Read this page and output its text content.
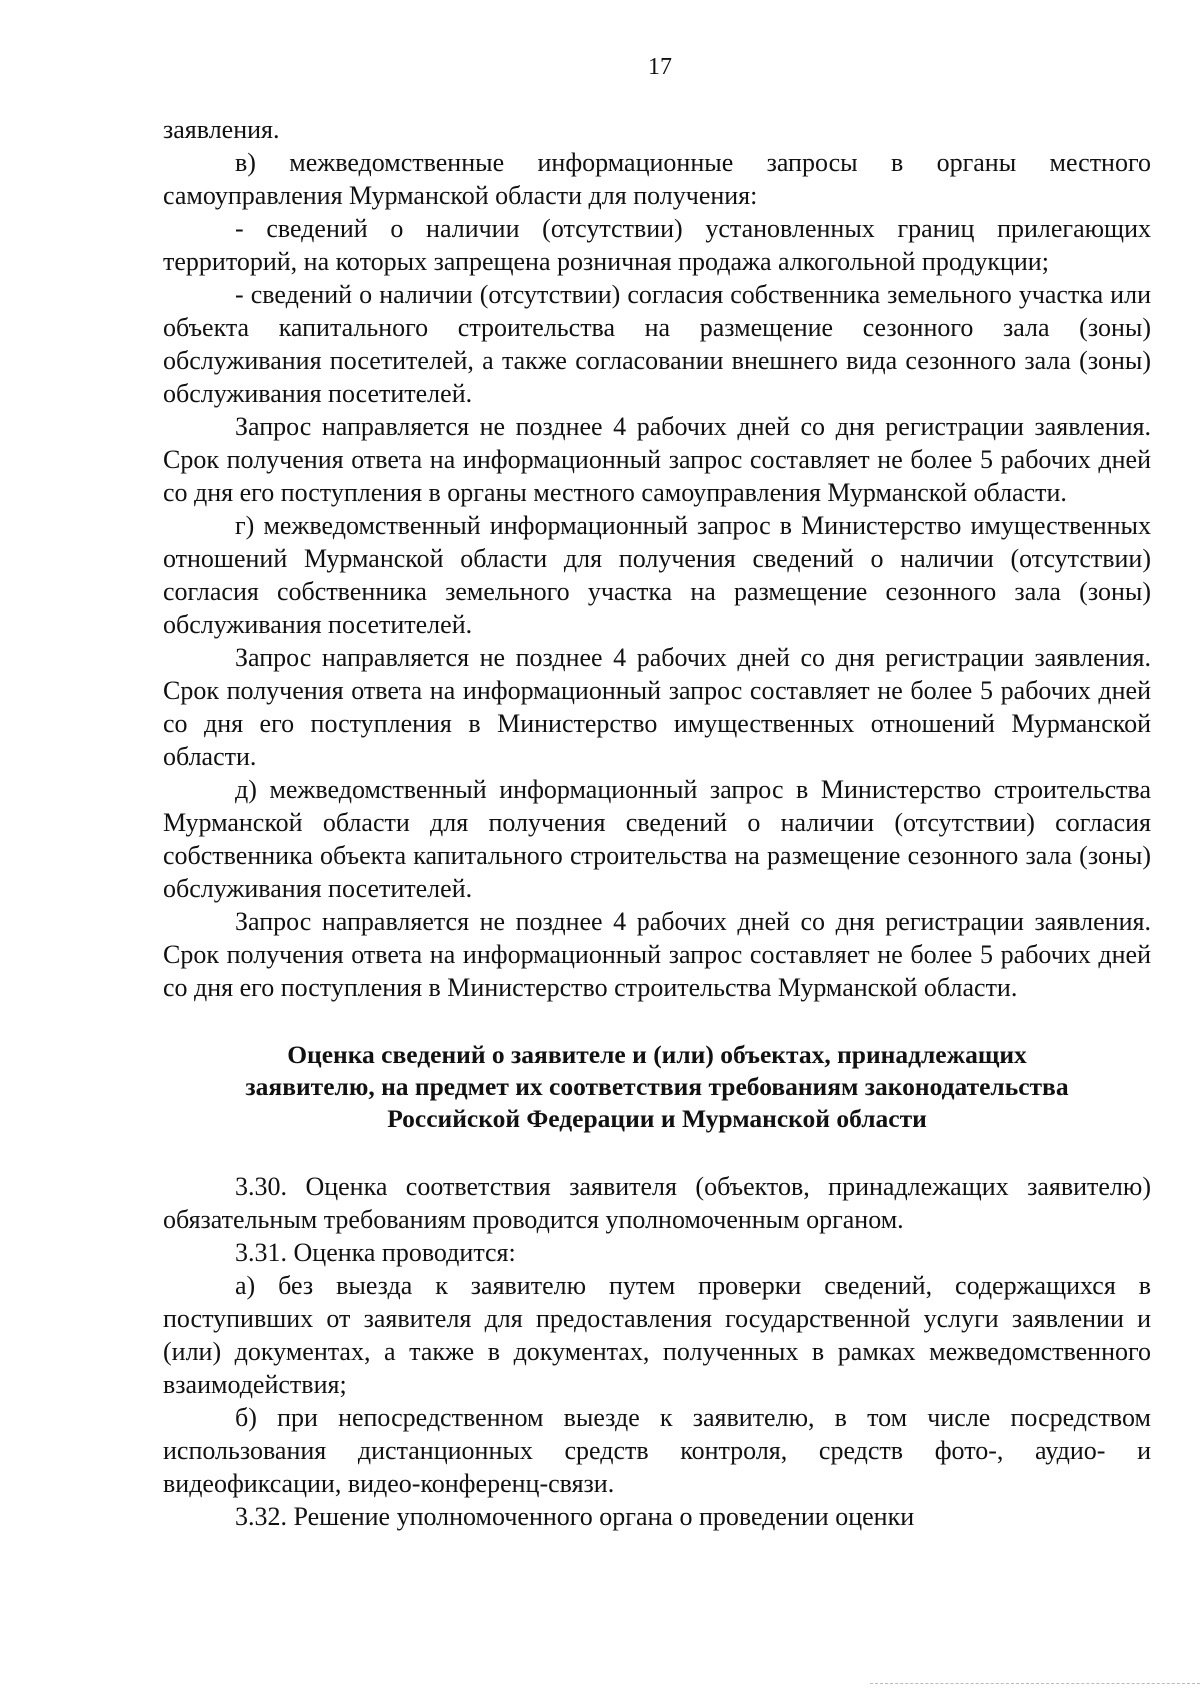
17

заявления.

в) межведомственные информационные запросы в органы местного самоуправления Мурманской области для получения:

- сведений о наличии (отсутствии) установленных границ прилегающих территорий, на которых запрещена розничная продажа алкогольной продукции;

- сведений о наличии (отсутствии) согласия собственника земельного участка или объекта капитального строительства на размещение сезонного зала (зоны) обслуживания посетителей, а также согласовании внешнего вида сезонного зала (зоны) обслуживания посетителей.

Запрос направляется не позднее 4 рабочих дней со дня регистрации заявления. Срок получения ответа на информационный запрос составляет не более 5 рабочих дней со дня его поступления в органы местного самоуправления Мурманской области.

г) межведомственный информационный запрос в Министерство имущественных отношений Мурманской области для получения сведений о наличии (отсутствии) согласия собственника земельного участка на размещение сезонного зала (зоны) обслуживания посетителей.

Запрос направляется не позднее 4 рабочих дней со дня регистрации заявления. Срок получения ответа на информационный запрос составляет не более 5 рабочих дней со дня его поступления в Министерство имущественных отношений Мурманской области.

д) межведомственный информационный запрос в Министерство строительства Мурманской области для получения сведений о наличии (отсутствии) согласия собственника объекта капитального строительства на размещение сезонного зала (зоны) обслуживания посетителей.

Запрос направляется не позднее 4 рабочих дней со дня регистрации заявления. Срок получения ответа на информационный запрос составляет не более 5 рабочих дней со дня его поступления в Министерство строительства Мурманской области.

Оценка сведений о заявителе и (или) объектах, принадлежащих
заявителю, на предмет их соответствия требованиям законодательства
Российской Федерации и Мурманской области

3.30. Оценка соответствия заявителя (объектов, принадлежащих заявителю) обязательным требованиям проводится уполномоченным органом.

3.31. Оценка проводится:

а) без выезда к заявителю путем проверки сведений, содержащихся в поступивших от заявителя для предоставления государственной услуги заявлении и (или) документах, а также в документах, полученных в рамках межведомственного взаимодействия;

б) при непосредственном выезде к заявителю, в том числе посредством использования дистанционных средств контроля, средств фото-, аудио- и видеофиксации, видео-конференц-связи.

3.32. Решение уполномоченного органа о проведении оценки
